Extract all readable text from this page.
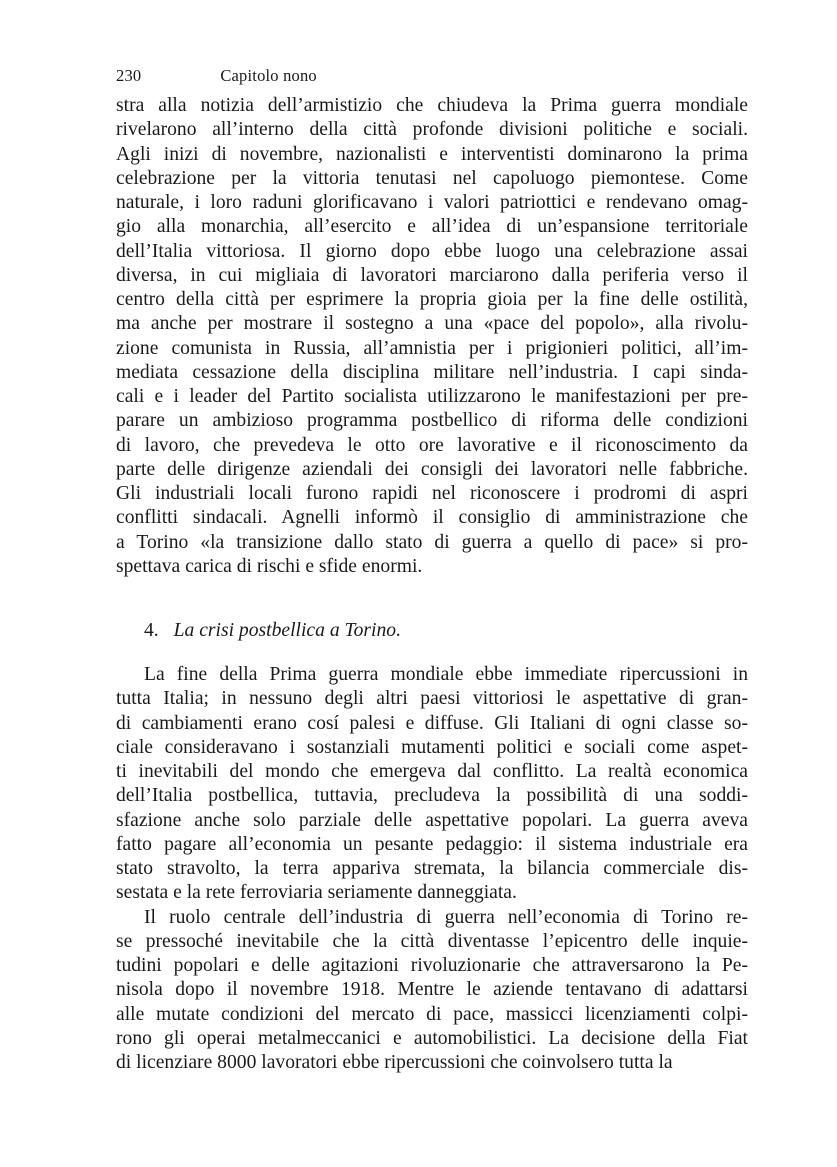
230	Capitolo nono

stra alla notizia dell’armistizio che chiudeva la Prima guerra mondiale
rivelarono all’interno della città profonde divisioni politiche e sociali.
Agli inizi di novembre, nazionalisti e interventisti dominarono la prima
celebrazione per la vittoria tenutasi nel capoluogo piemontese. Come
naturale, i loro raduni glorificavano i valori patriottici e rendevano omag-
gio alla monarchia, all’esercito e all’idea di un’espansione territoriale
dell’Italia vittoriosa. Il giorno dopo ebbe luogo una celebrazione assai
diversa, in cui migliaia di lavoratori marciarono dalla periferia verso il
centro della città per esprimere la propria gioia per la fine delle ostilità,
ma anche per mostrare il sostegno a una «pace del popolo», alla rivolu-
zione comunista in Russia, all’amnistia per i prigionieri politici, all’im-
mediata cessazione della disciplina militare nell’industria. I capi sinda-
cali e i leader del Partito socialista utilizzarono le manifestazioni per pre-
parare un ambizioso programma postbellico di riforma delle condizioni
di lavoro, che prevedeva le otto ore lavorative e il riconoscimento da
parte delle dirigenze aziendali dei consigli dei lavoratori nelle fabbriche.
Gli industriali locali furono rapidi nel riconoscere i prodromi di aspri
conflitti sindacali. Agnelli informò il consiglio di amministrazione che
a Torino «la transizione dallo stato di guerra a quello di pace» si pro-
spettava carica di rischi e sfide enormi.

4. La crisi postbellica a Torino.

La fine della Prima guerra mondiale ebbe immediate ripercussioni in
tutta Italia; in nessuno degli altri paesi vittoriosi le aspettative di gran-
di cambiamenti erano cosí palesi e diffuse. Gli Italiani di ogni classe so-
ciale consideravano i sostanziali mutamenti politici e sociali come aspet-
ti inevitabili del mondo che emergeva dal conflitto. La realtà economica
dell’Italia postbellica, tuttavia, precludeva la possibilità di una soddi-
sfazione anche solo parziale delle aspettative popolari. La guerra aveva
fatto pagare all’economia un pesante pedaggio: il sistema industriale era
stato stravolto, la terra appariva stremata, la bilancia commerciale dis-
sestata e la rete ferroviaria seriamente danneggiata.

Il ruolo centrale dell’industria di guerra nell’economia di Torino re-
se pressoché inevitabile che la città diventasse l’epicentro delle inquie-
tudini popolari e delle agitazioni rivoluzionarie che attraversarono la Pe-
nisola dopo il novembre 1918. Mentre le aziende tentavano di adattarsi
alle mutate condizioni del mercato di pace, massicci licenziamenti colpi-
rono gli operai metalmeccanici e automobilistici. La decisione della Fiat
di licenziare 8000 lavoratori ebbe ripercussioni che coinvolsero tutta la
